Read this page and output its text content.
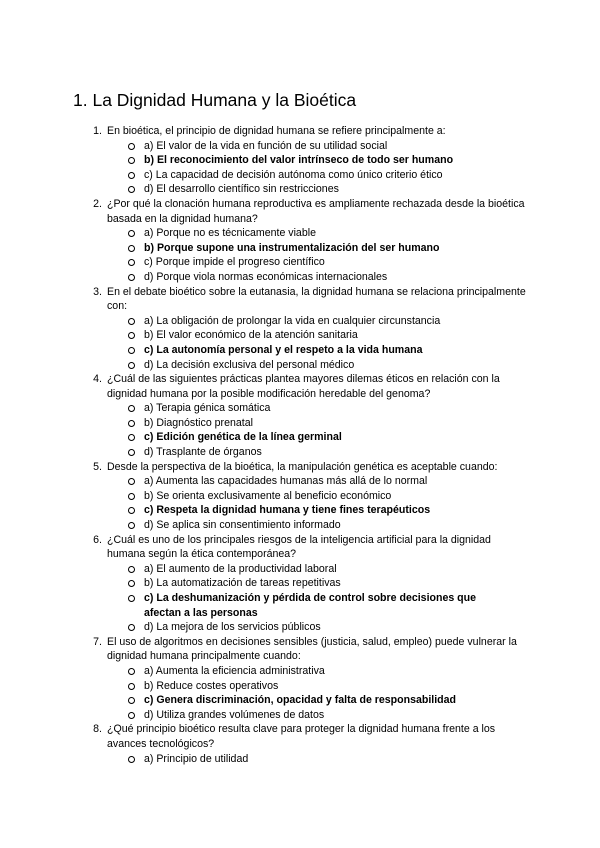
1. La Dignidad Humana y la Bioética
1. En bioética, el principio de dignidad humana se refiere principalmente a:
a) El valor de la vida en función de su utilidad social
b) El reconocimiento del valor intrínseco de todo ser humano
c) La capacidad de decisión autónoma como único criterio ético
d) El desarrollo científico sin restricciones
2. ¿Por qué la clonación humana reproductiva es ampliamente rechazada desde la bioética basada en la dignidad humana?
a) Porque no es técnicamente viable
b) Porque supone una instrumentalización del ser humano
c) Porque impide el progreso científico
d) Porque viola normas económicas internacionales
3. En el debate bioético sobre la eutanasia, la dignidad humana se relaciona principalmente con:
a) La obligación de prolongar la vida en cualquier circunstancia
b) El valor económico de la atención sanitaria
c) La autonomía personal y el respeto a la vida humana
d) La decisión exclusiva del personal médico
4. ¿Cuál de las siguientes prácticas plantea mayores dilemas éticos en relación con la dignidad humana por la posible modificación heredable del genoma?
a) Terapia génica somática
b) Diagnóstico prenatal
c) Edición genética de la línea germinal
d) Trasplante de órganos
5. Desde la perspectiva de la bioética, la manipulación genética es aceptable cuando:
a) Aumenta las capacidades humanas más allá de lo normal
b) Se orienta exclusivamente al beneficio económico
c) Respeta la dignidad humana y tiene fines terapéuticos
d) Se aplica sin consentimiento informado
6. ¿Cuál es uno de los principales riesgos de la inteligencia artificial para la dignidad humana según la ética contemporánea?
a) El aumento de la productividad laboral
b) La automatización de tareas repetitivas
c) La deshumanización y pérdida de control sobre decisiones que afectan a las personas
d) La mejora de los servicios públicos
7. El uso de algoritmos en decisiones sensibles (justicia, salud, empleo) puede vulnerar la dignidad humana principalmente cuando:
a) Aumenta la eficiencia administrativa
b) Reduce costes operativos
c) Genera discriminación, opacidad y falta de responsabilidad
d) Utiliza grandes volúmenes de datos
8. ¿Qué principio bioético resulta clave para proteger la dignidad humana frente a los avances tecnológicos?
a) Principio de utilidad
